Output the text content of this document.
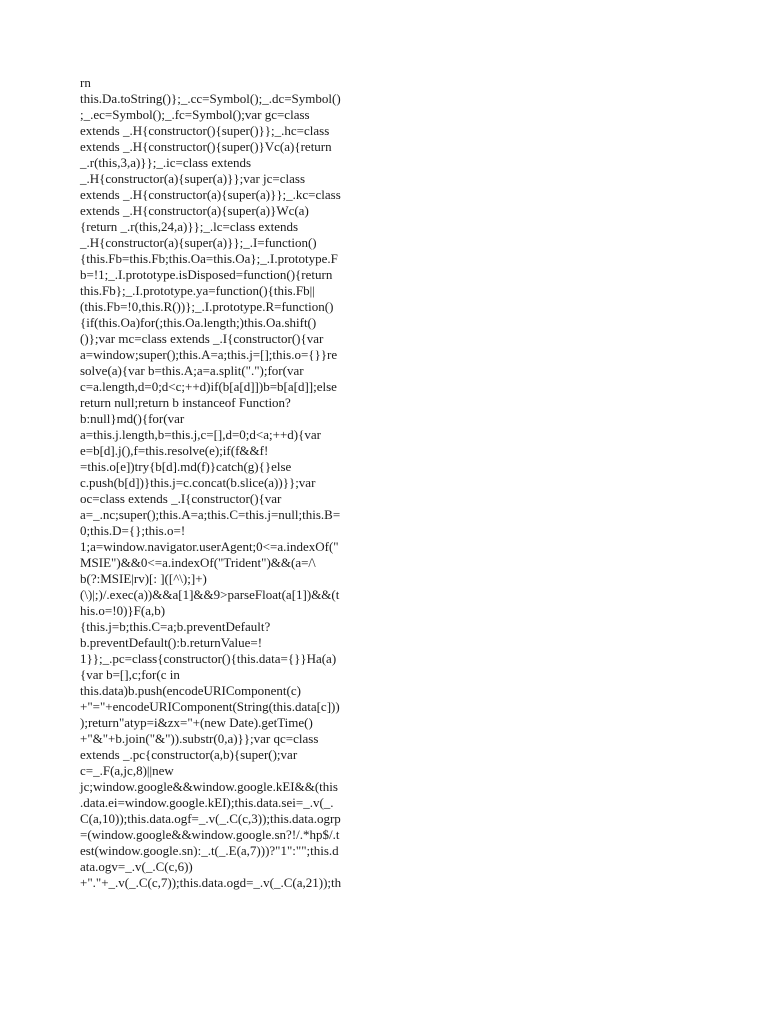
rn
this.Da.toString()};_.cc=Symbol();_.dc=Symbol()
;_.ec=Symbol();_.fc=Symbol();var gc=class
extends _.H{constructor(){super()}};_.hc=class
extends _.H{constructor(){super()}Vc(a){return
_.r(this,3,a)}};_.ic=class extends
_.H{constructor(a){super(a)}};var jc=class
extends _.H{constructor(a){super(a)}};_.kc=class
extends _.H{constructor(a){super(a)}Wc(a)
{return _.r(this,24,a)}};_.lc=class extends
_.H{constructor(a){super(a)}};_.I=function()
{this.Fb=this.Fb;this.Oa=this.Oa};_.I.prototype.F
b=!1;_.I.prototype.isDisposed=function(){return
this.Fb};_.I.prototype.ya=function(){this.Fb||
(this.Fb=!0,this.R())};_.I.prototype.R=function()
{if(this.Oa)for(;this.Oa.length;)this.Oa.shift()
()};var mc=class extends _.I{constructor(){var
a=window;super();this.A=a;this.j=[];this.o={}}re
solve(a){var b=this.A;a=a.split(".");for(var
c=a.length,d=0;d<c;++d)if(b[a[d]])b=b[a[d]];else
return null;return b instanceof Function?
b:null}md(){for(var
a=this.j.length,b=this.j,c=[],d=0;d<a;++d){var
e=b[d].j(),f=this.resolve(e);if(f&&f!
=this.o[e])try{b[d].md(f)}catch(g){}else
c.push(b[d])}this.j=c.concat(b.slice(a))}};var
oc=class extends _.I{constructor(){var
a=_.nc;super();this.A=a;this.C=this.j=null;this.B=
0;this.D={};this.o=!
1;a=window.navigator.userAgent;0<=a.indexOf("
MSIE")&&0<=a.indexOf("Trident")&&(a=/\
b(?:MSIE|rv)[: ]([^\);]+)
(\)|;)/.exec(a))&&a[1]&&9>parseFloat(a[1])&&(t
his.o=!0)}F(a,b)
{this.j=b;this.C=a;b.preventDefault?
b.preventDefault():b.returnValue=!
1}};_.pc=class{constructor(){this.data={}}Ha(a)
{var b=[],c;for(c in
this.data)b.push(encodeURIComponent(c)
+"="+encodeURIComponent(String(this.data[c]))
);return"atyp=i&zx="+(new Date).getTime()
+"&"+b.join("&")).substr(0,a)}};var qc=class
extends _.pc{constructor(a,b){super();var
c=_.F(a,jc,8)||new
jc;window.google&&window.google.kEI&&(this
.data.ei=window.google.kEI);this.data.sei=_.v(_.
C(a,10));this.data.ogf=_.v(_.C(c,3));this.data.ogrp
=(window.google&&window.google.sn?!/.*hp$/.t
est(window.google.sn):_.t(_.E(a,7)))?"1":"";this.d
ata.ogv=_.v(_.C(c,6))
+"."+_.v(_.C(c,7));this.data.ogd=_.v(_.C(a,21));th
